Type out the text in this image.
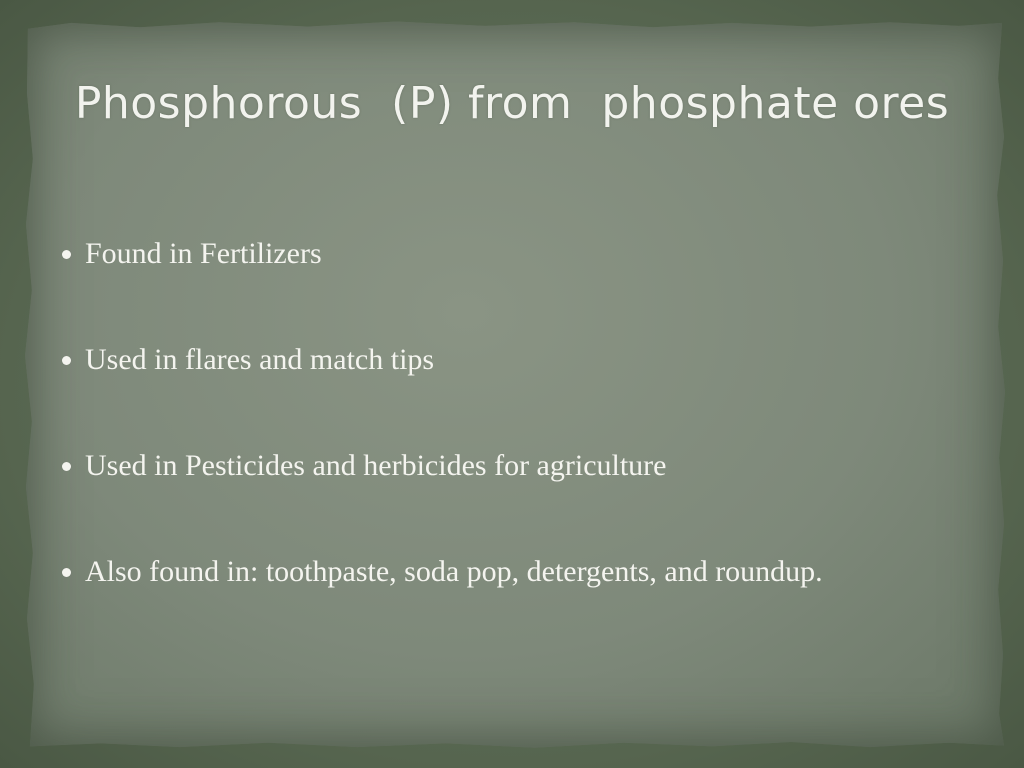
Phosphorous  (P) from  phosphate ores
Found in Fertilizers
Used in flares and match tips
Used in Pesticides and herbicides for agriculture
Also found in: toothpaste, soda pop, detergents, and roundup.
